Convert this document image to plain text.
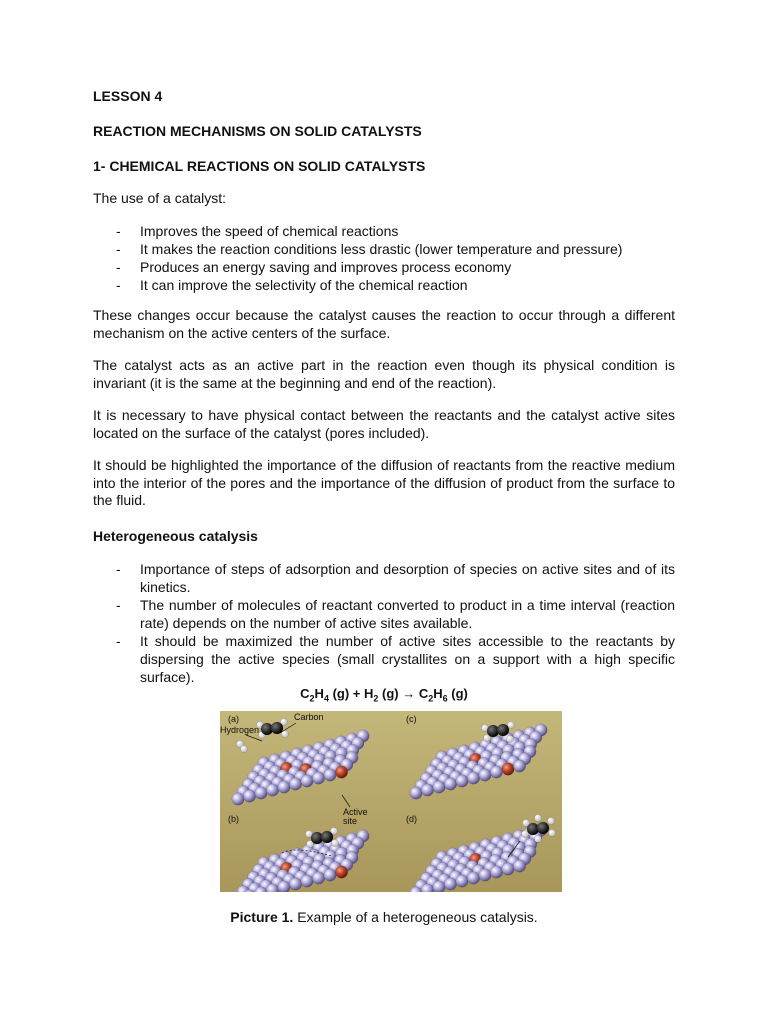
LESSON 4
REACTION MECHANISMS ON SOLID CATALYSTS
1- CHEMICAL REACTIONS ON SOLID CATALYSTS
The use of a catalyst:
- Improves the speed of chemical reactions
- It makes the reaction conditions less drastic (lower temperature and pressure)
- Produces an energy saving and improves process economy
- It can improve the selectivity of the chemical reaction
These changes occur because the catalyst causes the reaction to occur through a different mechanism on the active centers of the surface.
The catalyst acts as an active part in the reaction even though its physical condition is invariant (it is the same at the beginning and end of the reaction).
It is necessary to have physical contact between the reactants and the catalyst active sites located on the surface of the catalyst (pores included).
It should be highlighted the importance of the diffusion of reactants from the reactive medium into the interior of the pores and the importance of the diffusion of product from the surface to the fluid.
Heterogeneous catalysis
- Importance of steps of adsorption and desorption of species on active sites and of its kinetics.
- The number of molecules of reactant converted to product in a time interval (reaction rate) depends on the number of active sites available.
- It should be maximized the number of active sites accessible to the reactants by dispersing the active species (small crystallites on a support with a high specific surface).
$C_2H_4$ $(g) + H_2$ $(g) \to C_2H_6$ (g)
(a)	(c)
(b)	(d)
Carbon
Hydrogen
Active
site
Picture 1. Example of a heterogeneous catalysis.
